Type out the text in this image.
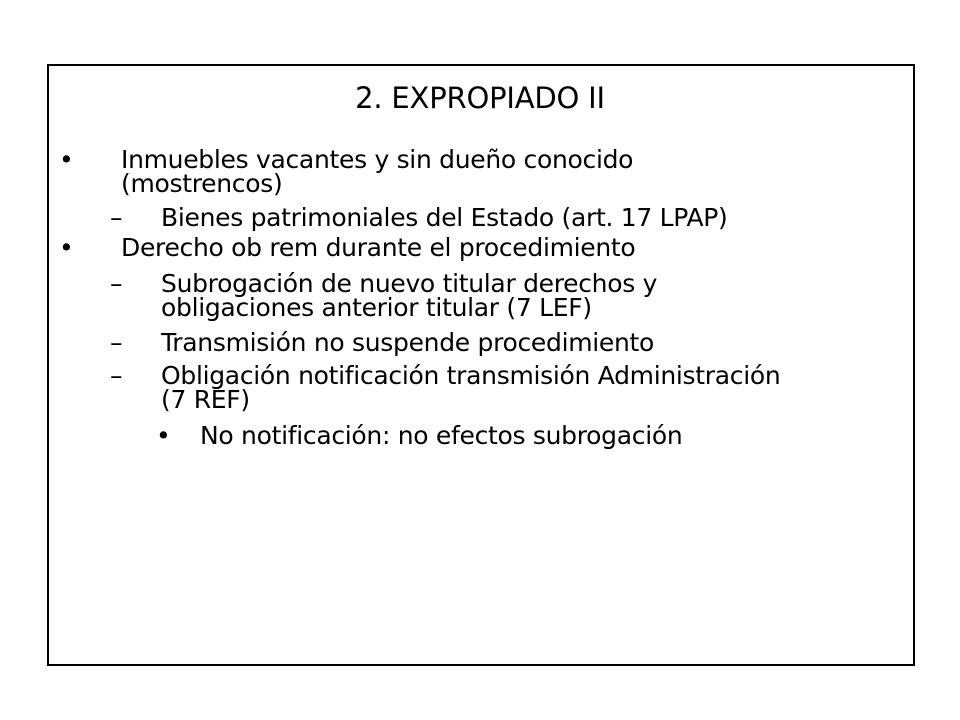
2. EXPROPIADO II
• Inmuebles vacantes y sin dueño conocido
(mostrencos)
– Bienes patrimoniales del Estado (art. 17 LPAP)
• Derecho ob rem durante el procedimiento
– Subrogación de nuevo titular derechos y
obligaciones anterior titular (7 LEF)
– Transmisión no suspende procedimiento
– Obligación notificación transmisión Administración
(7 REF)
• No notificación: no efectos subrogación
